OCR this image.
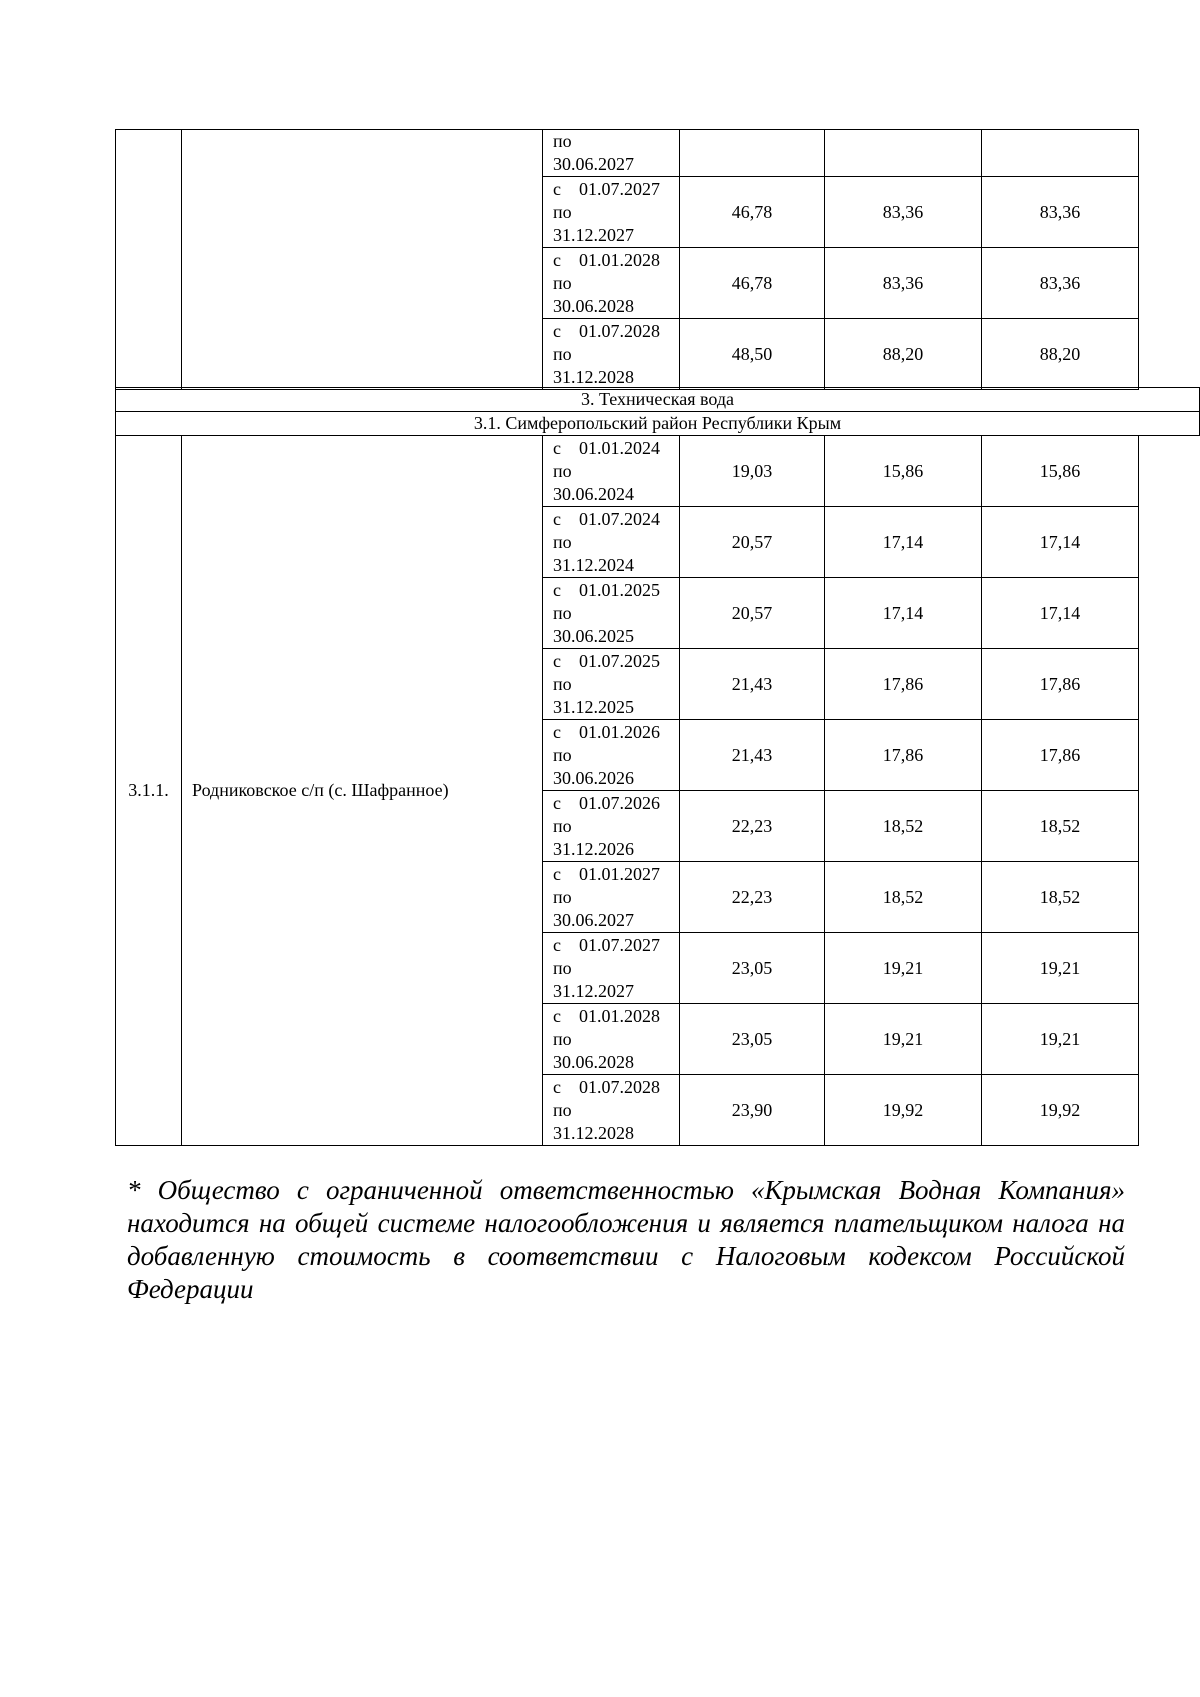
		по
30.06.2027			

		с 01.07.2027
по
31.12.2027	46,78	83,36	83,36

		с 01.01.2028
по
30.06.2028	46,78	83,36	83,36

		с 01.07.2028
по
31.12.2028	48,50	88,20	88,20
3. Техническая вода
3.1. Симферопольский район Республики Крым
3.1.1.	Родниковское с/п (с. Шафранное)	с 01.01.2024
по
30.06.2024	19,03	15,86	15,86

		с 01.07.2024
по
31.12.2024	20,57	17,14	17,14

		с 01.01.2025
по
30.06.2025	20,57	17,14	17,14

		с 01.07.2025
по
31.12.2025	21,43	17,86	17,86

		с 01.01.2026
по
30.06.2026	21,43	17,86	17,86

		с 01.07.2026
по
31.12.2026	22,23	18,52	18,52

		с 01.01.2027
по
30.06.2027	22,23	18,52	18,52

		с 01.07.2027
по
31.12.2027	23,05	19,21	19,21

		с 01.01.2028
по
30.06.2028	23,05	19,21	19,21

		с 01.07.2028
по
31.12.2028	23,90	19,92	19,92
* Общество с ограниченной ответственностью «Крымская Водная Компания» находится на общей системе налогообложения и является плательщиком налога на добавленную стоимость в соответствии с Налоговым кодексом Российской Федерации
